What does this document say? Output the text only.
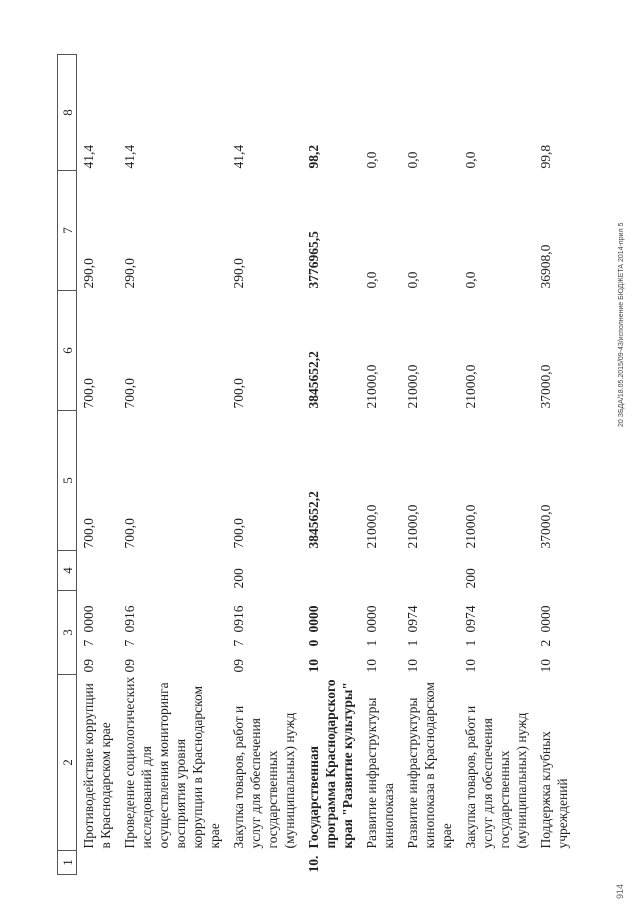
1	2	3			4	5	6	7	8
	Противодействие коррупции в Краснодарском крае	09	7	0000		700,0	700,0	290,0	41,4
	Проведение социологических исследований для осуществления мониторинга восприятия уровня коррупции в Краснодарском крае	09	7	0916		700,0	700,0	290,0	41,4
	Закупка товаров, работ и услуг для обеспечения государственных (муниципальных) нужд	09	7	0916	200	700,0	700,0	290,0	41,4
10.	Государственная программа Краснодарского края "Развитие культуры"	10	0	0000		3845652,2	3845652,2	3776965,5	98,2
	Развитие инфраструктуры кинопоказа	10	1	0000		21000,0	21000,0	0,0	0,0
	Развитие инфраструктуры кинопоказа в Краснодарском крае	10	1	0974		21000,0	21000,0	0,0	0,0
	Закупка товаров, работ и услуг для обеспечения государственных (муниципальных) нужд	10	1	0974	200	21000,0	21000,0	0,0	0,0
	Поддержка клубных учреждений	10	2	0000		37000,0	37000,0	36908,0	99,8
20 ЗБДА/18.05.2015/09-43/исполнение БЮДЖЕТА 2014-прил 5
914
